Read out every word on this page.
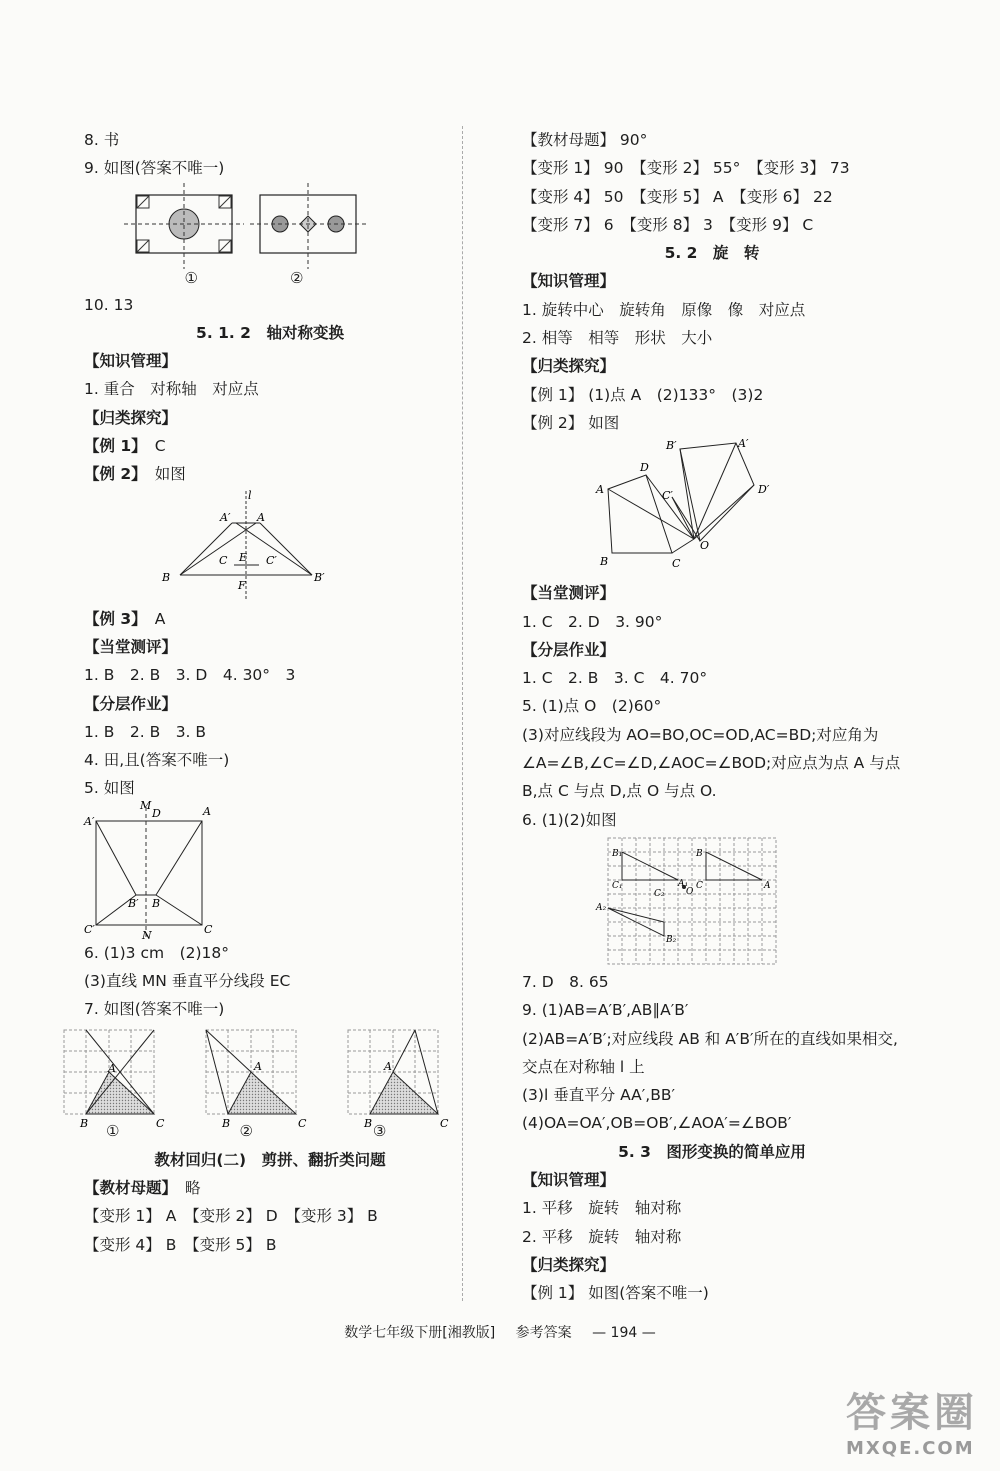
8. 书
9. 如图(答案不唯一)
①	②
10. 13
5. 1. 2　轴对称变换
【知识管理】
1. 重合　对称轴　对应点
【归类探究】
【例 1】 C
【例 2】 如图
A′ A
l
B	B′
C	C′
E
F
【例 3】 A
【当堂测评】
1. B　2. B　3. D　4. 30°　3
【分层作业】
1. B　2. B　3. B
4. 田,且(答案不唯一)
5. 如图
M
A′
A
D
B′ B
C′	C
N
6. (1)3 cm　(2)18°
(3)直线 MN 垂直平分线段 EC
7. 如图(答案不唯一)
A
B	C
A
B	C
A
B	C
①	②	③
教材回归(二)　剪拼、翻折类问题
【教材母题】 略
【变形 1】 A　【变形 2】 D　【变形 3】 B
【变形 4】 B　【变形 5】 B
【教材母题】 90°
【变形 1】 90　【变形 2】 55°　【变形 3】 73
【变形 4】 50　【变形 5】 A　【变形 6】 22
【变形 7】 6　【变形 8】 3　【变形 9】 C
5. 2　旋　转
【知识管理】
1. 旋转中心　旋转角　原像　像　对应点
2. 相等　相等　形状　大小
【归类探究】
【例 1】 (1)点 A　(2)133°　(3)2
【例 2】 如图
A
D
B	C
B′	A′
D′
C′
O
【当堂测评】
1. C　2. D　3. 90°
【分层作业】
1. C　2. B　3. C　4. 70°
5. (1)点 O　(2)60°
(3)对应线段为 AO=BO,OC=OD,AC=BD;对应角为∠A=∠B,∠C=∠D,∠AOC=∠BOD;对应点为点 A 与点 B,点 C 与点 D,点 O 与点 O.
6. (1)(2)如图
B₁	B
C₁	C
A₁	A
C₂ O
A₂
B₂
7. D　8. 65
9. (1)AB=A′B′,AB∥A′B′
(2)AB=A′B′;对应线段 AB 和 A′B′所在的直线如果相交,交点在对称轴 l 上
(3)l 垂直平分 AA′,BB′
(4)OA=OA′,OB=OB′,∠AOA′=∠BOB′
5. 3　图形变换的简单应用
【知识管理】
1. 平移　旋转　轴对称
2. 平移　旋转　轴对称
【归类探究】
【例 1】 如图(答案不唯一)
数学七年级下册[湘教版] 参考答案 — 194 —
答案圈
MXQE.COM
